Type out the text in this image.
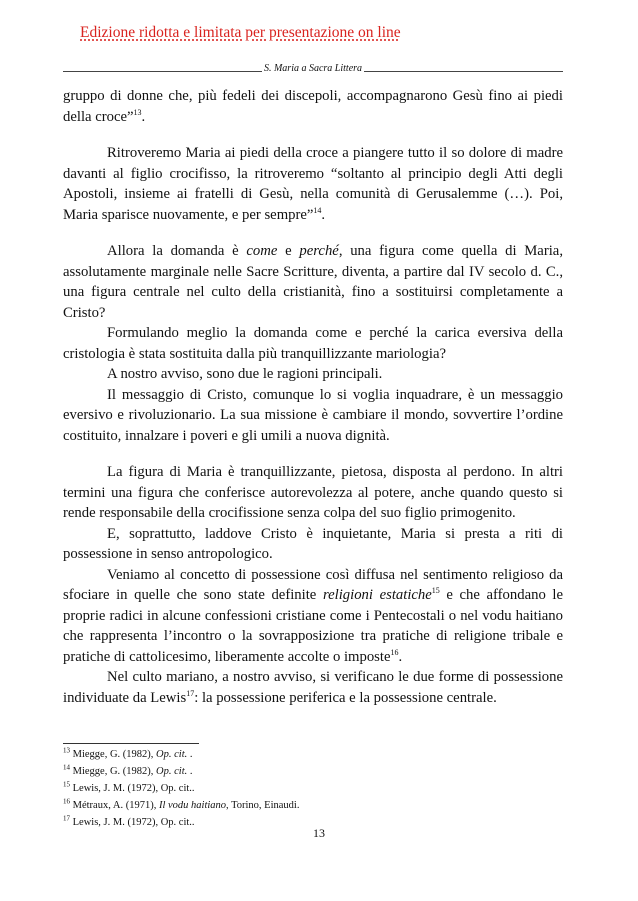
Edizione ridotta e limitata per presentazione on line
S. Maria a Sacra Littera

gruppo di donne che, più fedeli dei discepoli, accompagnarono Gesù fino ai piedi della croce”$^{13}$.

Ritroveremo Maria ai piedi della croce a piangere tutto il so dolore di madre davanti al figlio crocifisso, la ritroveremo “soltanto al principio degli Atti degli Apostoli, insieme ai fratelli di Gesù, nella comunità di Gerusalemme (…). Poi, Maria sparisce nuovamente, e per sempre”$^{14}$.

Allora la domanda è come e perché, una figura come quella di Maria, assolutamente marginale nelle Sacre Scritture, diventa, a partire dal IV secolo d. C., una figura centrale nel culto della cristianità, fino a sostituirsi completamente a Cristo?

Formulando meglio la domanda come e perché la carica eversiva della cristologia è stata sostituita dalla più tranquillizzante mariologia?

A nostro avviso, sono due le ragioni principali.

Il messaggio di Cristo, comunque lo si voglia inquadrare, è un messaggio eversivo e rivoluzionario. La sua missione è cambiare il mondo, sovvertire l’ordine costituito, innalzare i poveri e gli umili a nuova dignità.

La figura di Maria è tranquillizzante, pietosa, disposta al perdono. In altri termini una figura che conferisce autorevolezza al potere, anche quando questo si rende responsabile della crocifissione senza colpa del suo figlio primogenito.

E, soprattutto, laddove Cristo è inquietante, Maria si presta a riti di possessione in senso antropologico.

Veniamo al concetto di possessione così diffusa nel sentimento religioso da sfociare in quelle che sono state definite religioni estatiche$^{15}$ e che affondano le proprie radici in alcune confessioni cristiane come i Pentecostali o nel vodu haitiano che rappresenta l’incontro o la sovrapposizione tra pratiche di religione tribale e pratiche di cattolicesimo, liberamente accolte o imposte$^{16}$.

Nel culto mariano, a nostro avviso, si verificano le due forme di possessione individuate da Lewis$^{17}$: la possessione periferica e la possessione centrale.

$^{13}$ Miegge, G. (1982), Op. cit. .
$^{14}$ Miegge, G. (1982), Op. cit. .
$^{15}$ Lewis, J. M. (1972), Op. cit..
$^{16}$ Métraux, A. (1971), Il vodu haitiano, Torino, Einaudi.
$^{17}$ Lewis, J. M. (1972), Op. cit..
13
